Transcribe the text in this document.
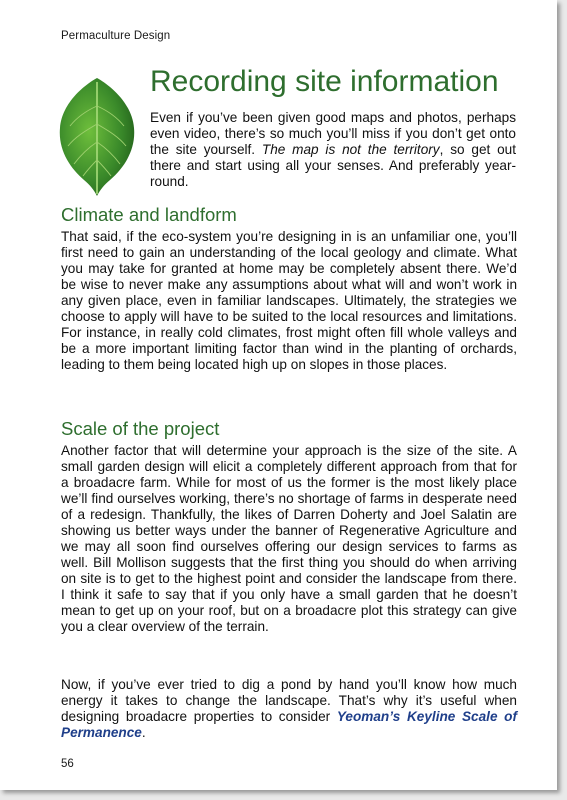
Permaculture Design
Recording site information

Even if you’ve been given good maps and photos, perhaps even video, there’s so much you’ll miss if you don’t get onto the site yourself. The map is not the territory, so get out there and start using all your senses. And preferably year-round.

Climate and landform

That said, if the eco-system you’re designing in is an unfamiliar one, you’ll first need to gain an understanding of the local geology and climate. What you may take for granted at home may be completely absent there. We’d be wise to never make any assumptions about what will and won’t work in any given place, even in familiar landscapes. Ultimately, the strategies we choose to apply will have to be suited to the local resources and limitations. For instance, in really cold climates, frost might often fill whole valleys and be a more important limiting factor than wind in the planting of orchards, leading to them being located high up on slopes in those places.

Scale of the project

Another factor that will determine your approach is the size of the site. A small garden design will elicit a completely different approach from that for a broadacre farm. While for most of us the former is the most likely place we’ll find ourselves working, there’s no shortage of farms in desperate need of a redesign. Thankfully, the likes of Darren Doherty and Joel Salatin are showing us better ways under the banner of Regenerative Agriculture and we may all soon find ourselves offering our design services to farms as well. Bill Mollison suggests that the first thing you should do when arriving on site is to get to the highest point and consider the landscape from there. I think it safe to say that if you only have a small garden that he doesn’t mean to get up on your roof, but on a broadacre plot this strategy can give you a clear overview of the terrain.

Now, if you’ve ever tried to dig a pond by hand you’ll know how much energy it takes to change the landscape. That’s why it’s useful when designing broadacre properties to consider Yeoman’s Keyline Scale of Permanence.

56
